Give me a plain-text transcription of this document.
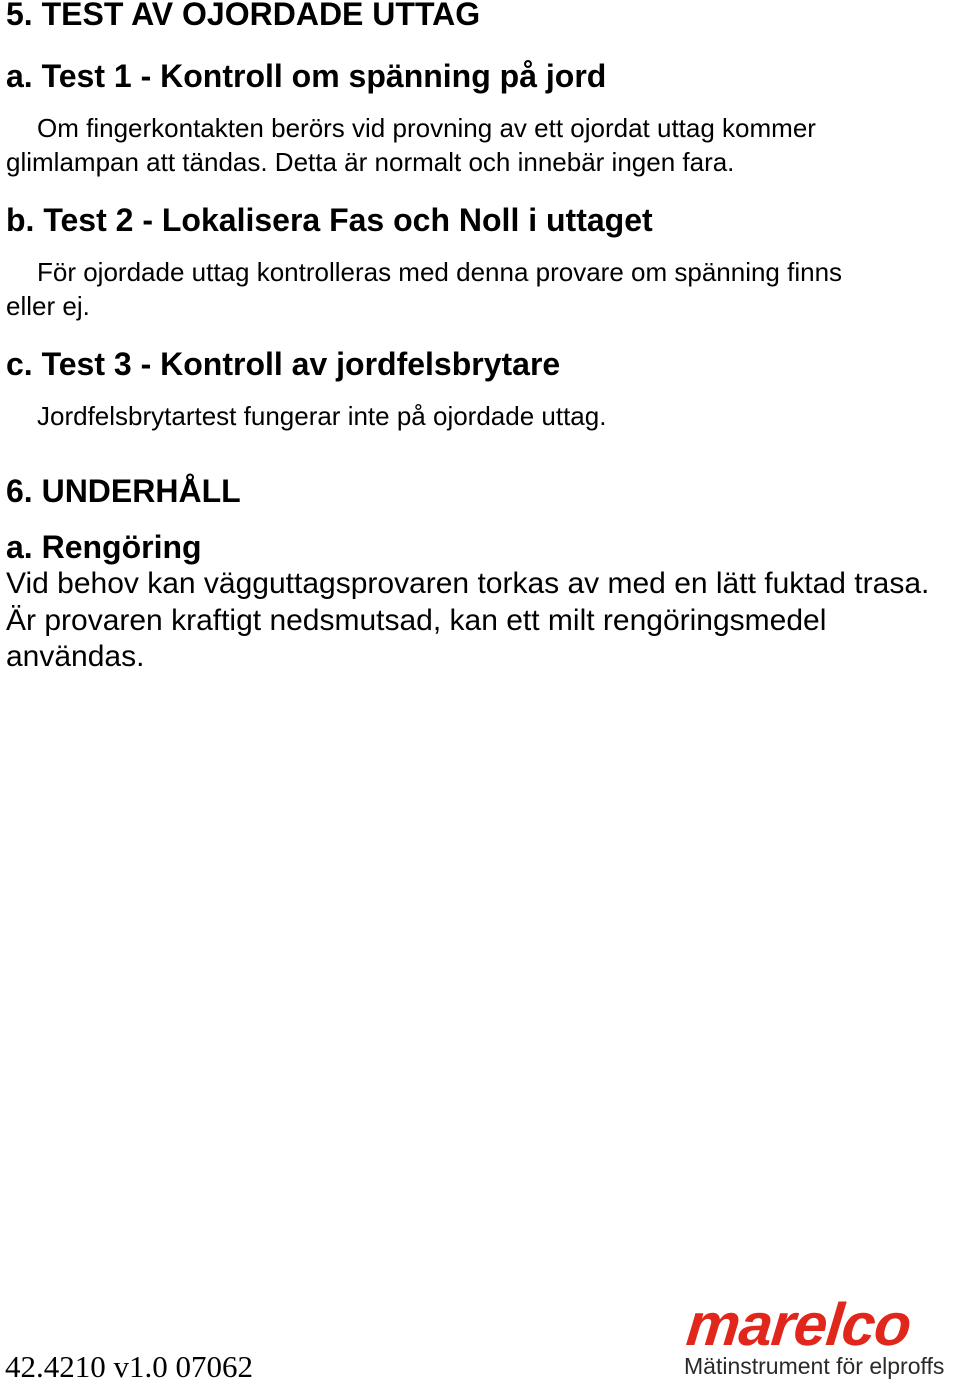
5. TEST AV OJORDADE UTTAG
a. Test 1 - Kontroll om spänning på jord
Om fingerkontakten berörs vid provning av ett ojordat uttag kommer
glimlampan att tändas. Detta är normalt och innebär ingen fara.
b. Test 2 - Lokalisera Fas och Noll i uttaget
För ojordade uttag kontrolleras med denna provare om spänning finns
eller ej.
c. Test 3 - Kontroll av jordfelsbrytare
Jordfelsbrytartest fungerar inte på ojordade uttag.
6. UNDERHÅLL
a. Rengöring
Vid behov kan vägguttagsprovaren torkas av med en lätt fuktad trasa.
Är provaren kraftigt nedsmutsad, kan ett milt rengöringsmedel
användas.
42.4210 v1.0 07062
marelco
Mätinstrument för elproffs
